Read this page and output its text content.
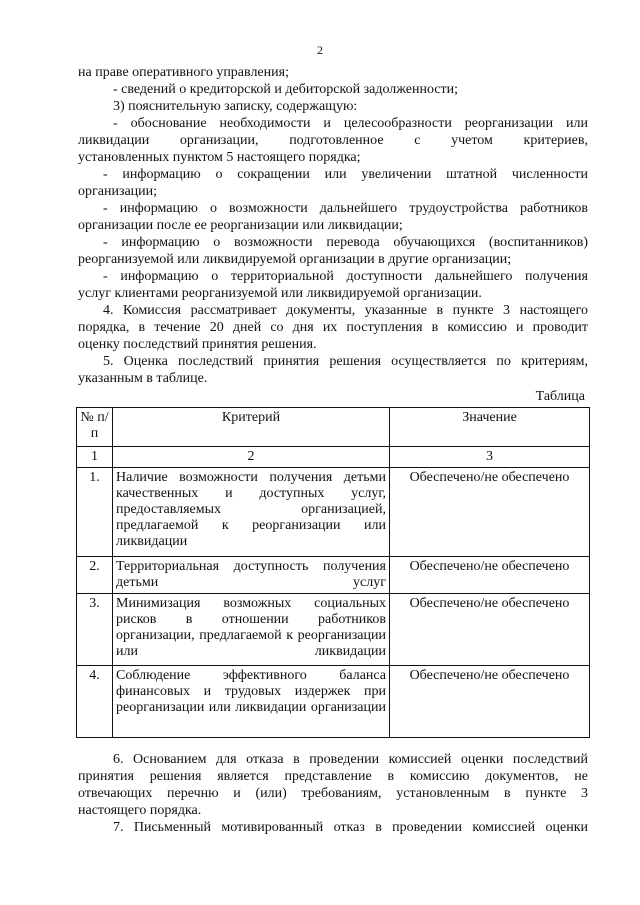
2
на праве оперативного управления;
- сведений о кредиторской и дебиторской задолженности;
3) пояснительную записку, содержащую:
- обоснование необходимости и целесообразности реорганизации или
ликвидации организации, подготовленное с учетом критериев,
установленных пунктом 5 настоящего порядка;
- информацию о сокращении или увеличении штатной численности
организации;
- информацию о возможности дальнейшего трудоустройства работников
организации после ее реорганизации или ликвидации;
- информацию о возможности перевода обучающихся (воспитанников)
реорганизуемой или ликвидируемой организации в другие организации;
- информацию о территориальной доступности дальнейшего получения
услуг клиентами реорганизуемой или ликвидируемой организации.
4. Комиссия рассматривает документы, указанные в пункте 3 настоящего
порядка, в течение 20 дней со дня их поступления в комиссию и проводит
оценку последствий принятия решения.
5. Оценка последствий принятия решения осуществляется по критериям,
указанным в таблице.
Таблица
№ п/п	Критерий	Значение
1	2	3
1.	Наличие возможности получения детьми качественных и доступных услуг, предоставляемых организацией, предлагаемой к реорганизации или ликвидации	Обеспечено/не обеспечено
2.	Территориальная доступность получения детьми услуг	Обеспечено/не обеспечено
3.	Минимизация возможных социальных рисков в отношении работников организации, предлагаемой к реорганизации или ликвидации	Обеспечено/не обеспечено
4.	Соблюдение эффективного баланса финансовых и трудовых издержек при реорганизации или ликвидации организации	Обеспечено/не обеспечено
6. Основанием для отказа в проведении комиссией оценки последствий
принятия решения является представление в комиссию документов, не
отвечающих перечню и (или) требованиям, установленным в пункте 3
настоящего порядка.
7. Письменный мотивированный отказ в проведении комиссией оценки
